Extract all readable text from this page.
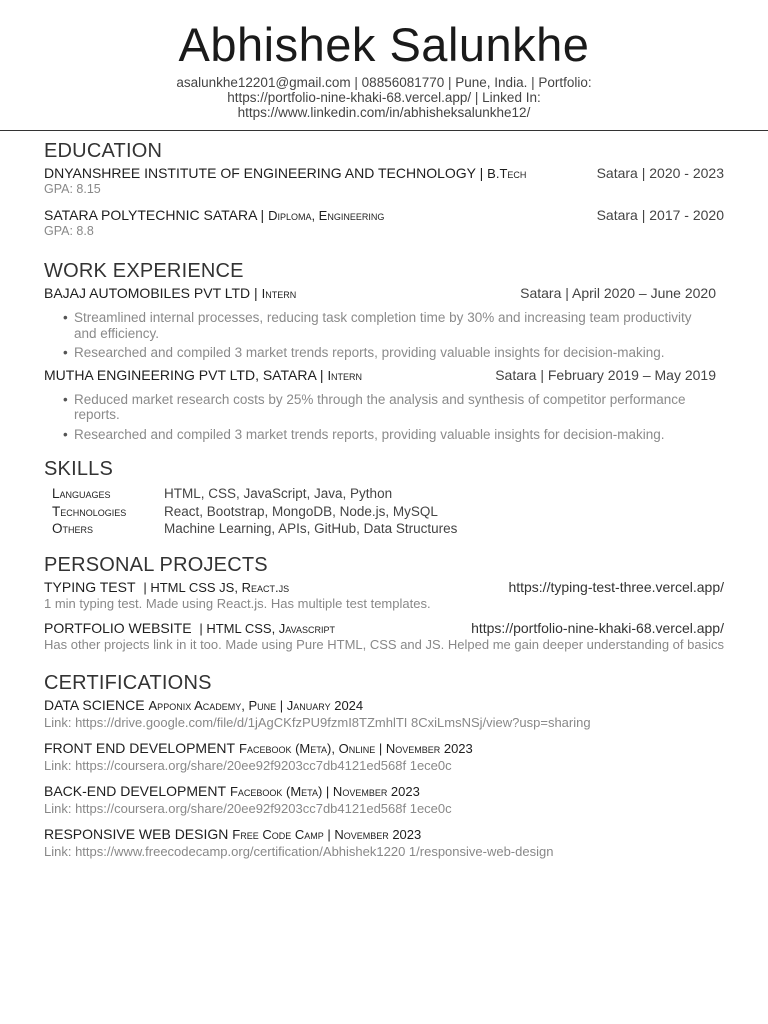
Abhishek Salunkhe
asalunkhe12201@gmail.com | 08856081770 | Pune, India. | Portfolio:
https://portfolio-nine-khaki-68.vercel.app/ | Linked In:
https://www.linkedin.com/in/abhisheksalunkhe12/
EDUCATION
DNYANSHREE INSTITUTE OF ENGINEERING AND TECHNOLOGY | B.Tech	Satara | 2020 - 2023
GPA: 8.15
SATARA POLYTECHNIC SATARA | Diploma, Engineering	Satara | 2017 - 2020
GPA: 8.8
WORK EXPERIENCE
BAJAJ AUTOMOBILES PVT LTD | Intern	Satara | April 2020 – June 2020
• Streamlined internal processes, reducing task completion time by 30% and increasing team productivity and efficiency.
• Researched and compiled 3 market trends reports, providing valuable insights for decision-making.
MUTHA ENGINEERING PVT LTD, SATARA | Intern	Satara | February 2019 – May 2019
• Reduced market research costs by 25% through the analysis and synthesis of competitor performance reports.
• Researched and compiled 3 market trends reports, providing valuable insights for decision-making.
SKILLS
Languages	HTML, CSS, JavaScript, Java, Python
Technologies	React, Bootstrap, MongoDB, Node.js, MySQL
Others	Machine Learning, APIs, GitHub, Data Structures
PERSONAL PROJECTS
TYPING TEST | HTML CSS JS, React.js	https://typing-test-three.vercel.app/
1 min typing test. Made using React.js. Has multiple test templates.
PORTFOLIO WEBSITE | HTML CSS, Javascript	https://portfolio-nine-khaki-68.vercel.app/
Has other projects link in it too. Made using Pure HTML, CSS and JS. Helped me gain deeper understanding of basics
CERTIFICATIONS
DATA SCIENCE
Apponix Academy, Pune | January 2024
Link: https://drive.google.com/file/d/1jAgCKfzPU9fzmI8TZmhlTI 8CxiLmsNSj/view?usp=sharing
FRONT END DEVELOPMENT
Facebook (Meta), Online | November 2023
Link: https://coursera.org/share/20ee92f9203cc7db4121ed568f 1ece0c
BACK-END DEVELOPMENT
Facebook (Meta) | November 2023
Link: https://coursera.org/share/20ee92f9203cc7db4121ed568f 1ece0c
RESPONSIVE WEB DESIGN
Free Code Camp | November 2023
Link: https://www.freecodecamp.org/certification/Abhishek1220 1/responsive-web-design
